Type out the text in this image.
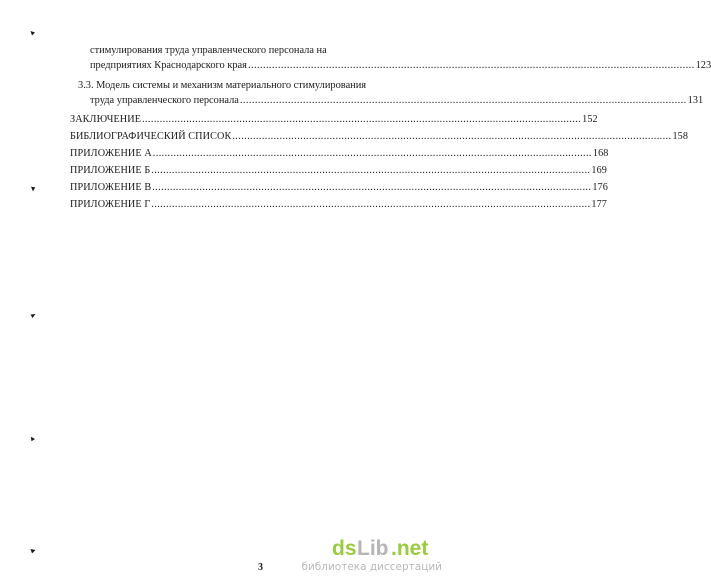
стимулирования труда управленческого персонала на
предприятиях Краснодарского края ..................................................................................................................................................... 123
3.3. Модель системы и механизм материального стимулирования
труда управленческого персонала ..................................................................................................................................................... 131
ЗАКЛЮЧЕНИЕ ..................................................................................................................................................... 152
БИБЛИОГРАФИЧЕСКИЙ СПИСОК ..................................................................................................................................................... 158
ПРИЛОЖЕНИЕ А ..................................................................................................................................................... 168
ПРИЛОЖЕНИЕ Б ..................................................................................................................................................... 169
ПРИЛОЖЕНИЕ В ..................................................................................................................................................... 176
ПРИЛОЖЕНИЕ Г ..................................................................................................................................................... 177
3
ds Lib .net
библиотека диссертаций
